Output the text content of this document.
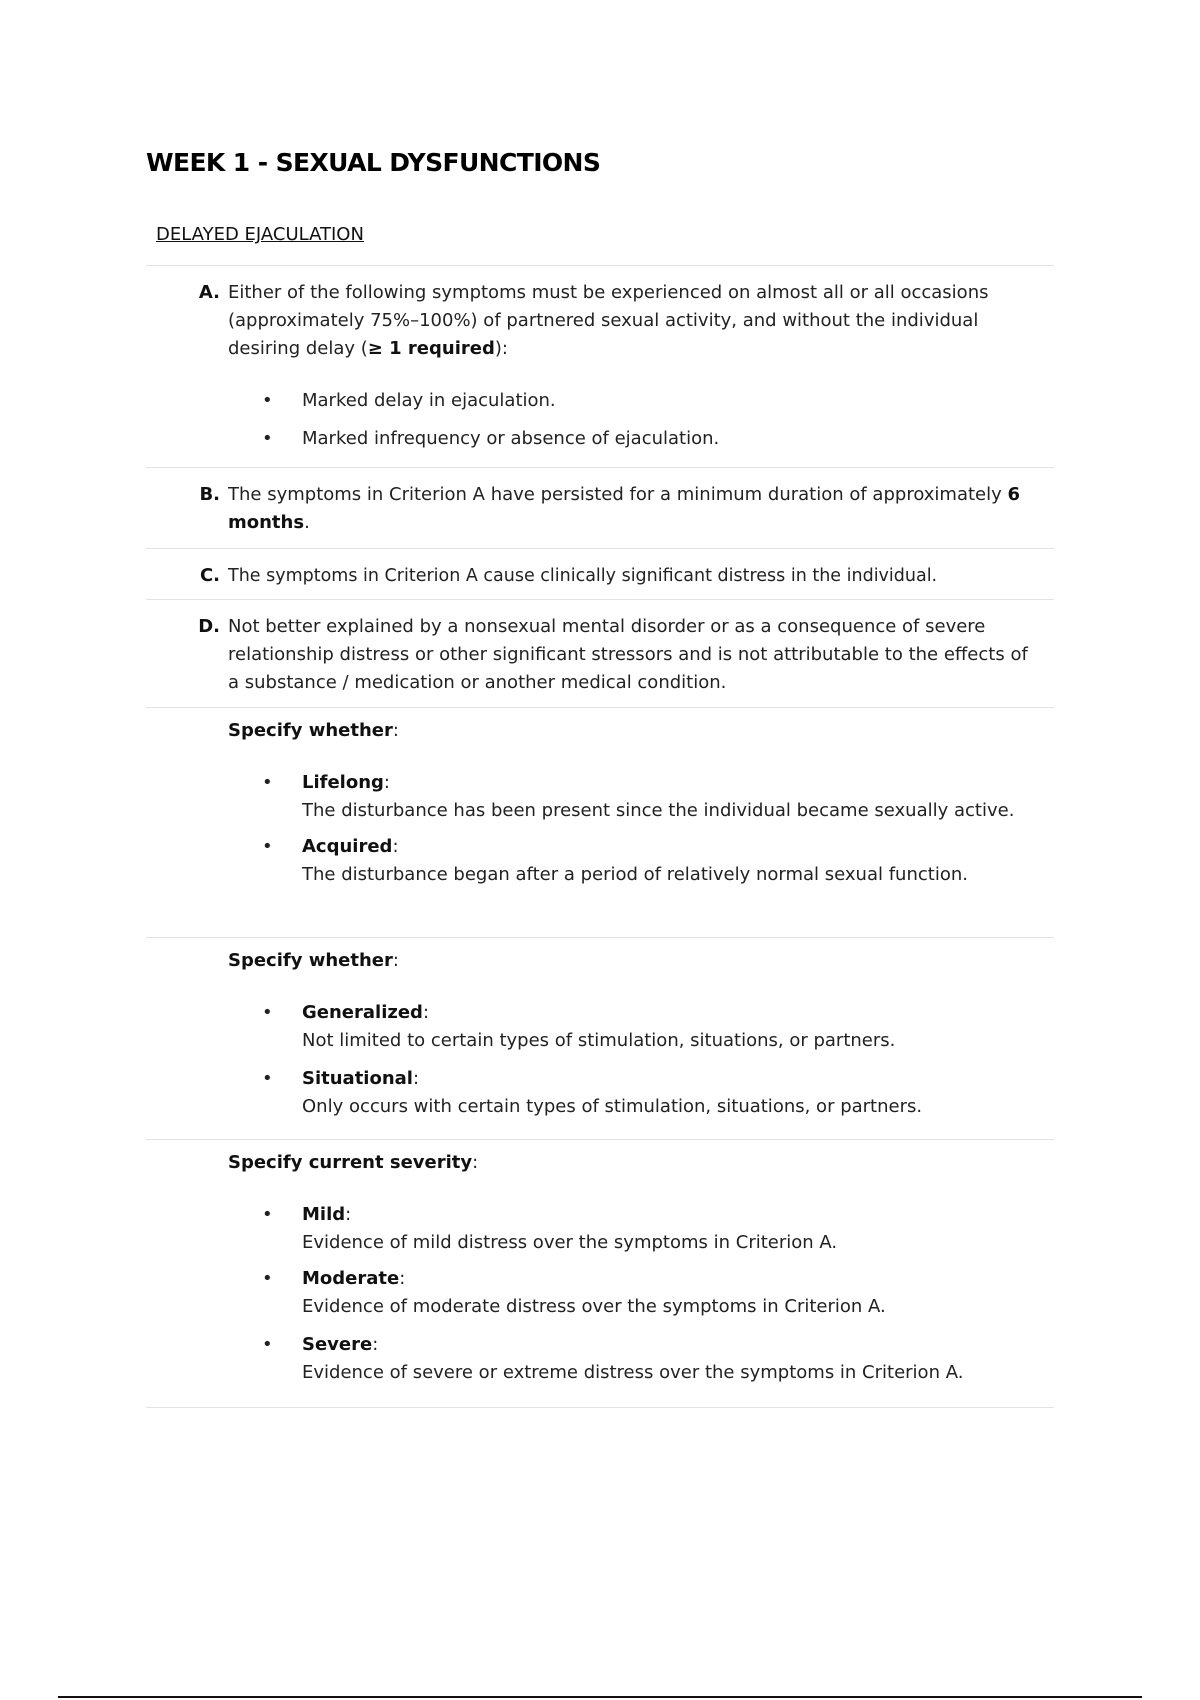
WEEK 1 - SEXUAL DYSFUNCTIONS
DELAYED EJACULATION
A. Either of the following symptoms must be experienced on almost all or all occasions (approximately 75%–100%) of partnered sexual activity, and without the individual desiring delay (≥ 1 required):
• Marked delay in ejaculation.
• Marked infrequency or absence of ejaculation.
B. The symptoms in Criterion A have persisted for a minimum duration of approximately 6 months.
C. The symptoms in Criterion A cause clinically significant distress in the individual.
D. Not better explained by a nonsexual mental disorder or as a consequence of severe relationship distress or other significant stressors and is not attributable to the effects of a substance / medication or another medical condition.
Specify whether:
• Lifelong:
The disturbance has been present since the individual became sexually active.
• Acquired:
The disturbance began after a period of relatively normal sexual function.
Specify whether:
• Generalized:
Not limited to certain types of stimulation, situations, or partners.
• Situational:
Only occurs with certain types of stimulation, situations, or partners.
Specify current severity:
• Mild:
Evidence of mild distress over the symptoms in Criterion A.
• Moderate:
Evidence of moderate distress over the symptoms in Criterion A.
• Severe:
Evidence of severe or extreme distress over the symptoms in Criterion A.
